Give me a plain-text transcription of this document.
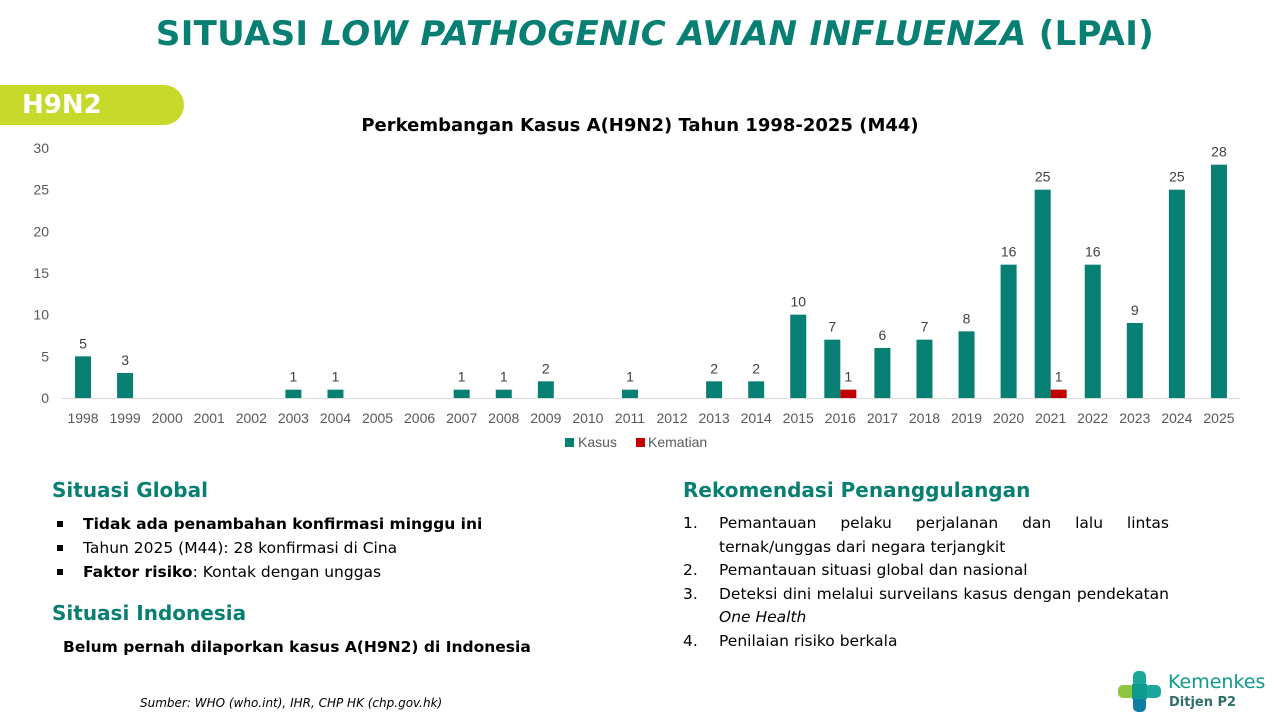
SITUASI LOW PATHOGENIC AVIAN INFLUENZA (LPAI)
H9N2
Perkembangan Kasus A(H9N2) Tahun 1998-2025 (M44)
0
5
10
15
20
25
30
1998 1999 2000 2001 2002 2003 2004 2005 2006 2007 2008 2009 2010 2011 2012 2013 2014 2015 2016 2017 2018 2019 2020 2021 2022 2023 2024 2025
5
3
1 1	1 1
2
1
2 2
10
7
1
6
7
8
16
25
1
16
9
25
28
Kasus Kematian
Situasi Global
Tidak ada penambahan konfirmasi minggu ini
Tahun 2025 (M44): 28 konfirmasi di Cina
Faktor risiko: Kontak dengan unggas
Situasi Indonesia
Belum pernah dilaporkan kasus A(H9N2) di Indonesia
Rekomendasi Penanggulangan
1.	Pemantauan pelaku perjalanan dan lalu lintas ternak/unggas dari negara terjangkit
2.	Pemantauan situasi global dan nasional
3.	Deteksi dini melalui surveilans kasus dengan pendekatan One Health
4.	Penilaian risiko berkala
Sumber: WHO (who.int), IHR, CHP HK (chp.gov.hk)
Kemenkes
Ditjen P2
